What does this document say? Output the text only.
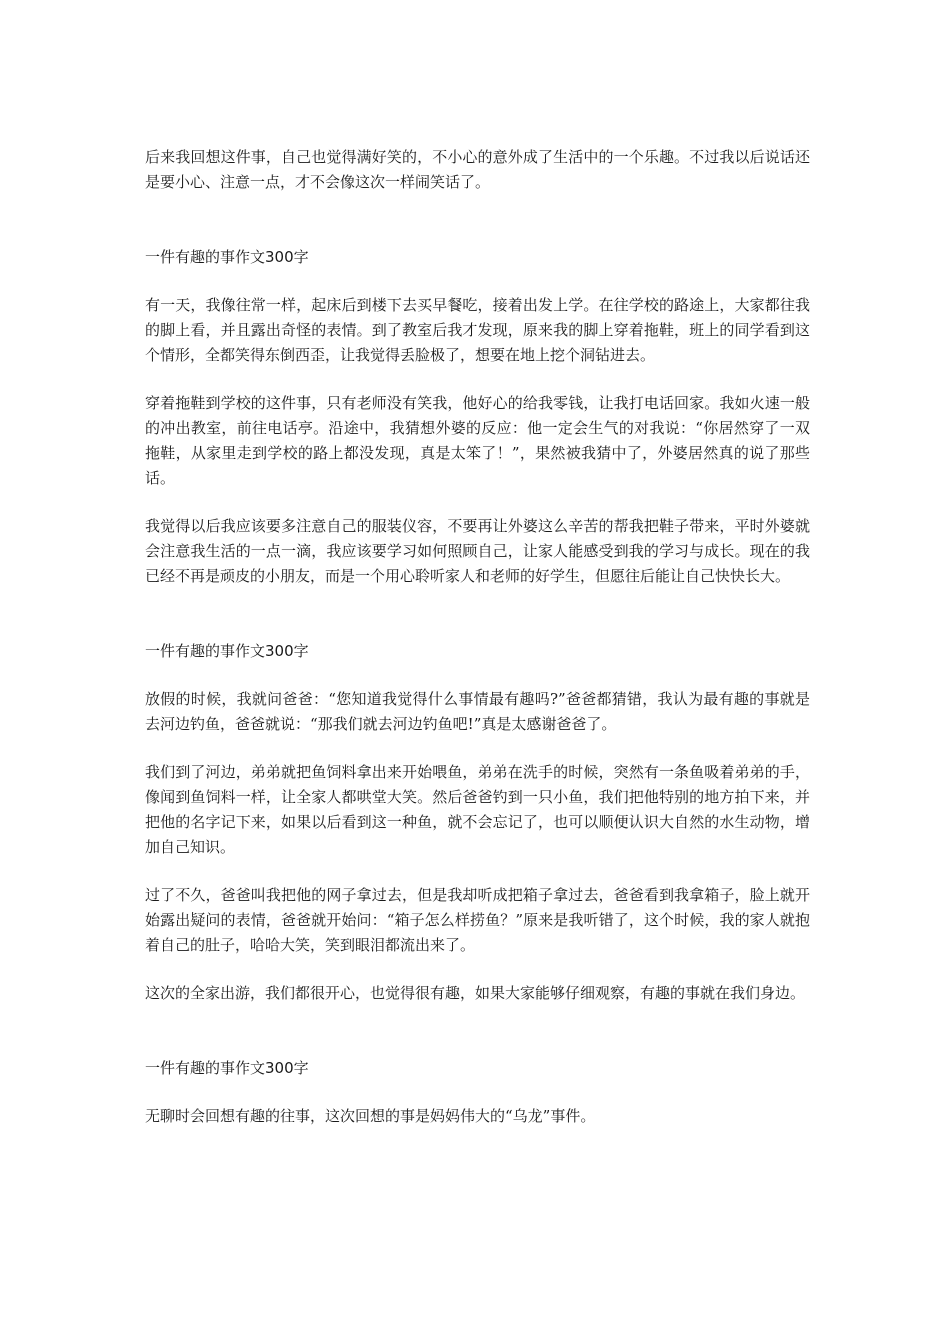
后来我回想这件事，自己也觉得满好笑的，不小心的意外成了生活中的一个乐趣。不过我以后说话还是要小心、注意一点，才不会像这次一样闹笑话了。

一件有趣的事作文300字

有一天，我像往常一样，起床后到楼下去买早餐吃，接着出发上学。在往学校的路途上，大家都往我的脚上看，并且露出奇怪的表情。到了教室后我才发现，原来我的脚上穿着拖鞋，班上的同学看到这个情形，全都笑得东倒西歪，让我觉得丢脸极了，想要在地上挖个洞钻进去。

穿着拖鞋到学校的这件事，只有老师没有笑我，他好心的给我零钱，让我打电话回家。我如火速一般的冲出教室，前往电话亭。沿途中，我猜想外婆的反应：他一定会生气的对我说：“你居然穿了一双拖鞋，从家里走到学校的路上都没发现，真是太笨了！”，果然被我猜中了，外婆居然真的说了那些话。

我觉得以后我应该要多注意自己的服装仪容，不要再让外婆这么辛苦的帮我把鞋子带来，平时外婆就会注意我生活的一点一滴，我应该要学习如何照顾自己，让家人能感受到我的学习与成长。现在的我已经不再是顽皮的小朋友，而是一个用心聆听家人和老师的好学生，但愿往后能让自己快快长大。

一件有趣的事作文300字

放假的时候，我就问爸爸：“您知道我觉得什么事情最有趣吗?”爸爸都猜错，我认为最有趣的事就是去河边钓鱼，爸爸就说：“那我们就去河边钓鱼吧!”真是太感谢爸爸了。

我们到了河边，弟弟就把鱼饲料拿出来开始喂鱼，弟弟在洗手的时候，突然有一条鱼吸着弟弟的手，像闻到鱼饲料一样，让全家人都哄堂大笑。然后爸爸钓到一只小鱼，我们把他特别的地方拍下来，并把他的名字记下来，如果以后看到这一种鱼，就不会忘记了，也可以顺便认识大自然的水生动物，增加自己知识。

过了不久，爸爸叫我把他的网子拿过去，但是我却听成把箱子拿过去，爸爸看到我拿箱子，脸上就开始露出疑问的表情，爸爸就开始问：“箱子怎么样捞鱼？”原来是我听错了，这个时候，我的家人就抱着自己的肚子，哈哈大笑，笑到眼泪都流出来了。

这次的全家出游，我们都很开心，也觉得很有趣，如果大家能够仔细观察，有趣的事就在我们身边。

一件有趣的事作文300字

无聊时会回想有趣的往事，这次回想的事是妈妈伟大的“乌龙”事件。
